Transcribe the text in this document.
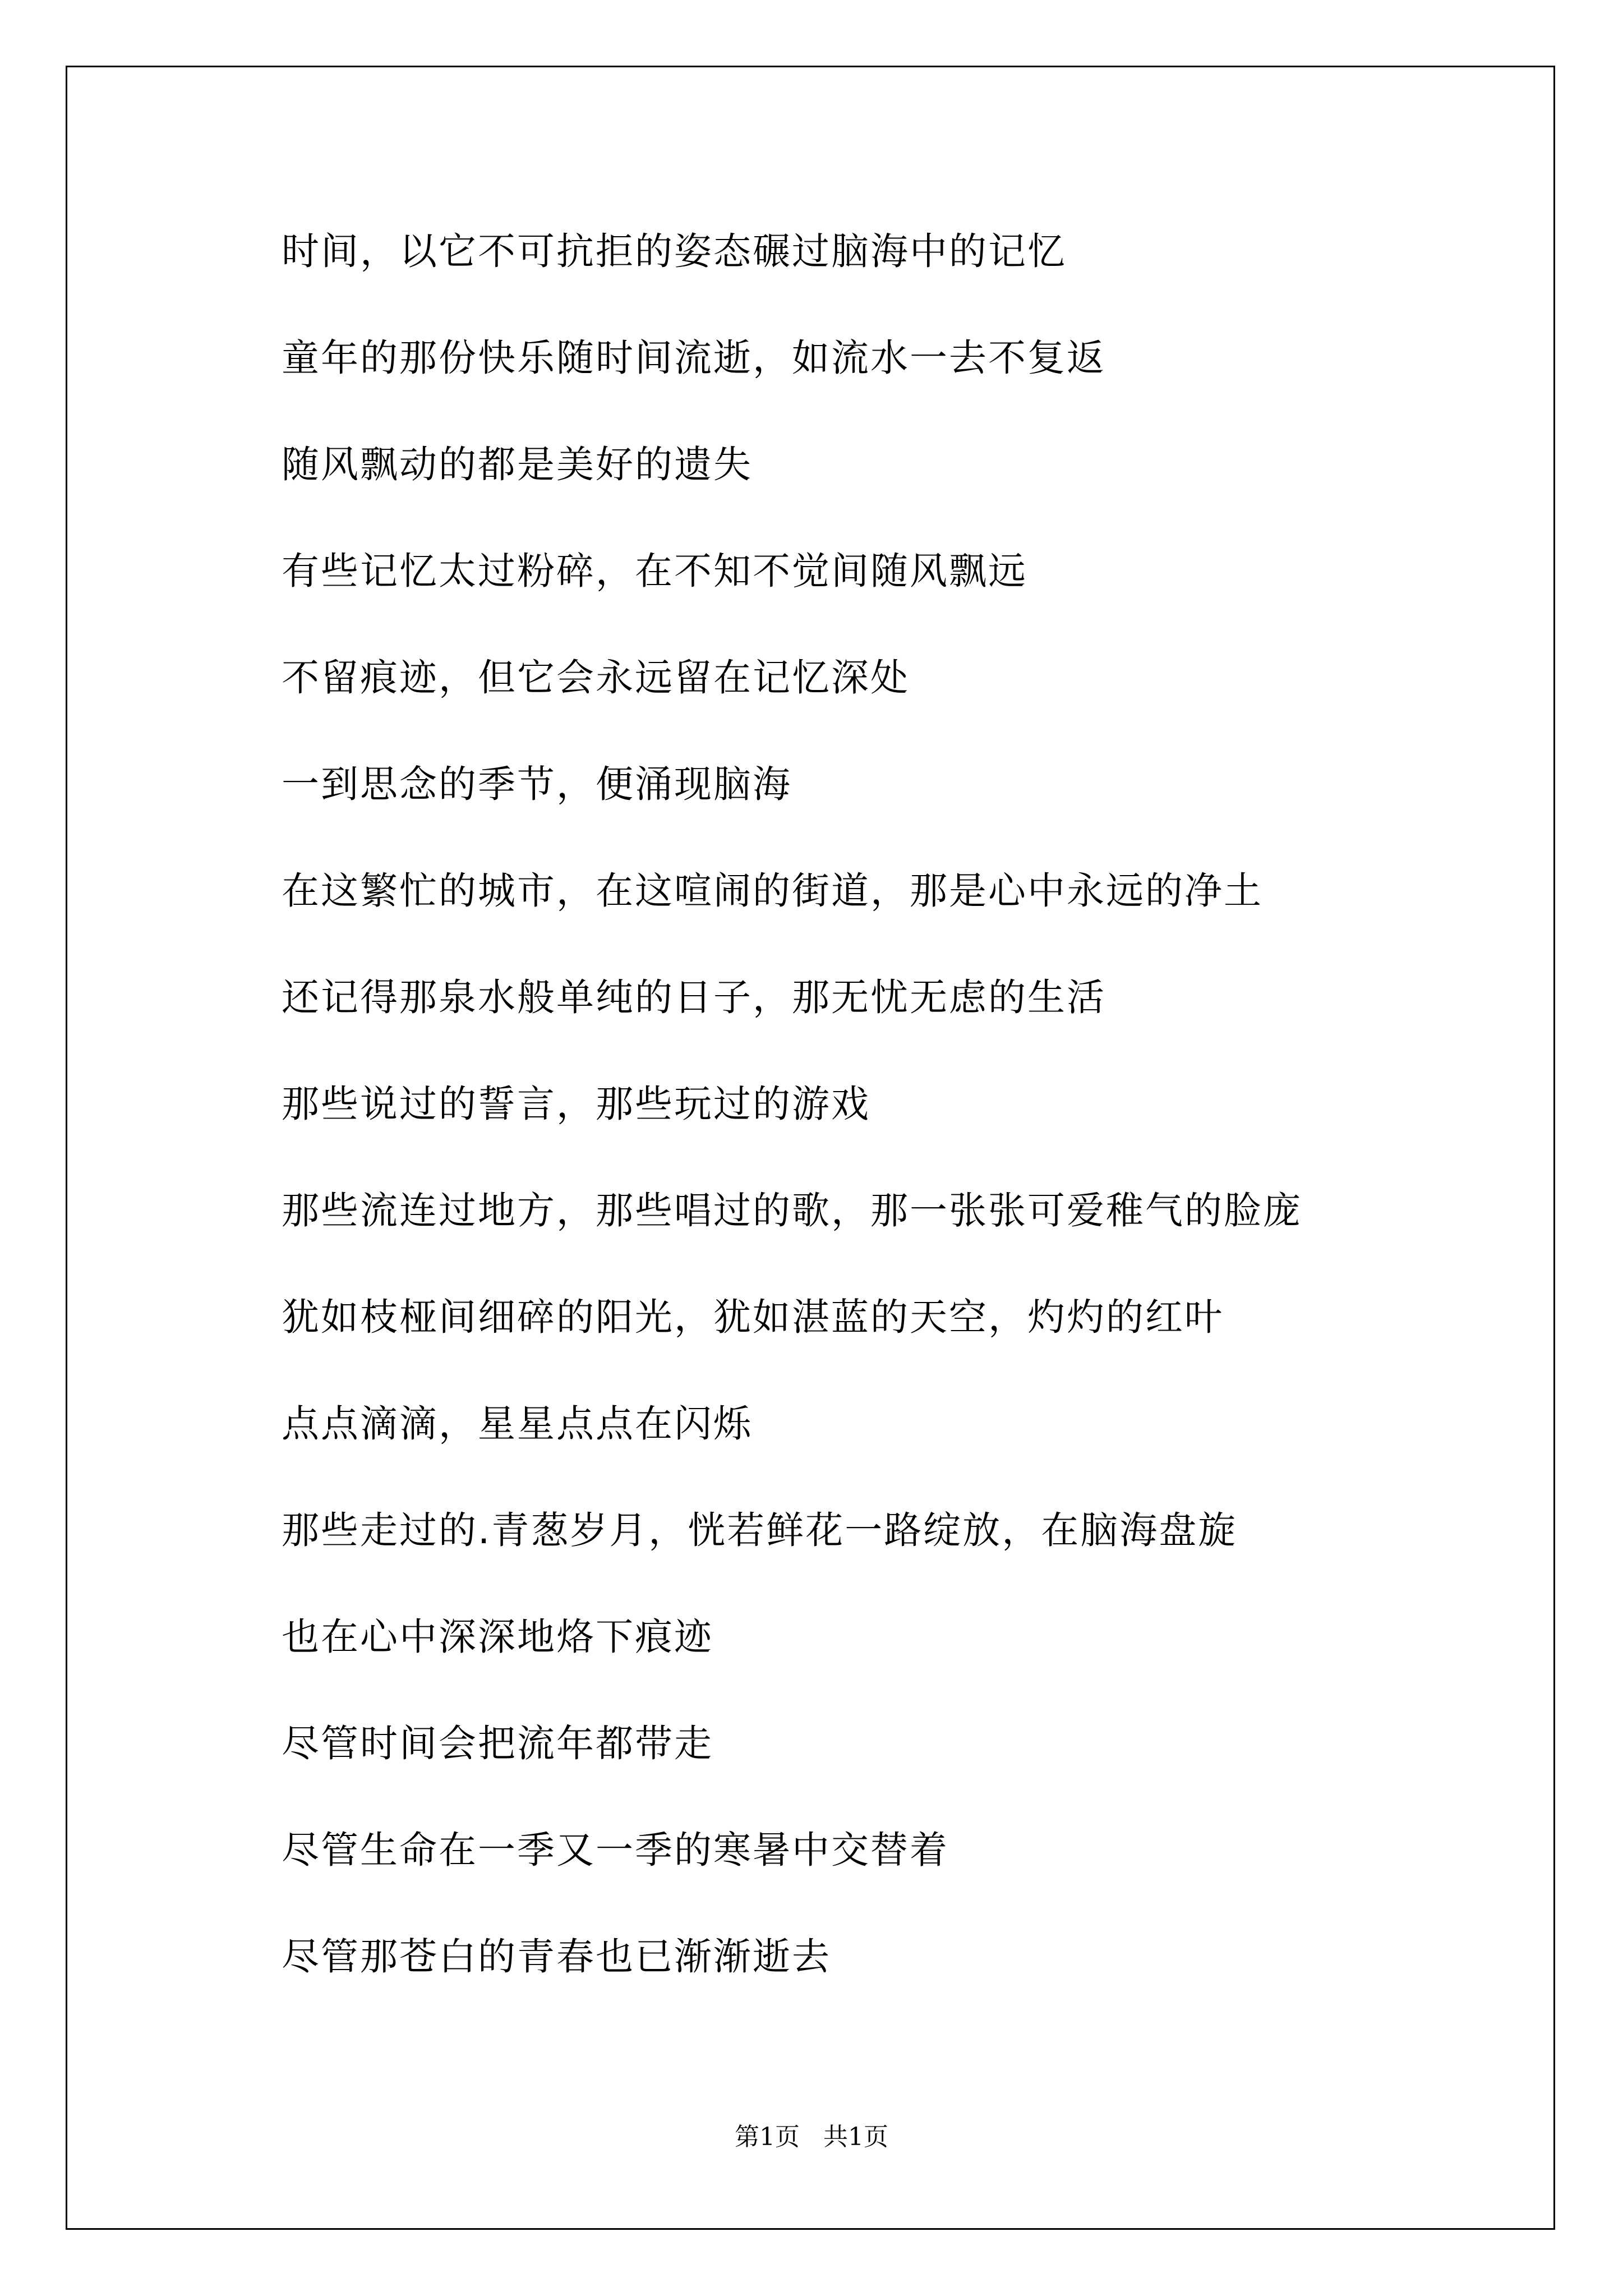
时间，以它不可抗拒的姿态碾过脑海中的记忆
童年的那份快乐随时间流逝，如流水一去不复返
随风飘动的都是美好的遗失
有些记忆太过粉碎，在不知不觉间随风飘远
不留痕迹，但它会永远留在记忆深处
一到思念的季节，便涌现脑海
在这繁忙的城市，在这喧闹的街道，那是心中永远的净土
还记得那泉水般单纯的日子，那无忧无虑的生活
那些说过的誓言，那些玩过的游戏
那些流连过地方，那些唱过的歌，那一张张可爱稚气的脸庞
犹如枝桠间细碎的阳光，犹如湛蓝的天空，灼灼的红叶
点点滴滴，星星点点在闪烁
那些走过的.青葱岁月，恍若鲜花一路绽放，在脑海盘旋
也在心中深深地烙下痕迹
尽管时间会把流年都带走
尽管生命在一季又一季的寒暑中交替着
尽管那苍白的青春也已渐渐逝去
第1页   共1页
